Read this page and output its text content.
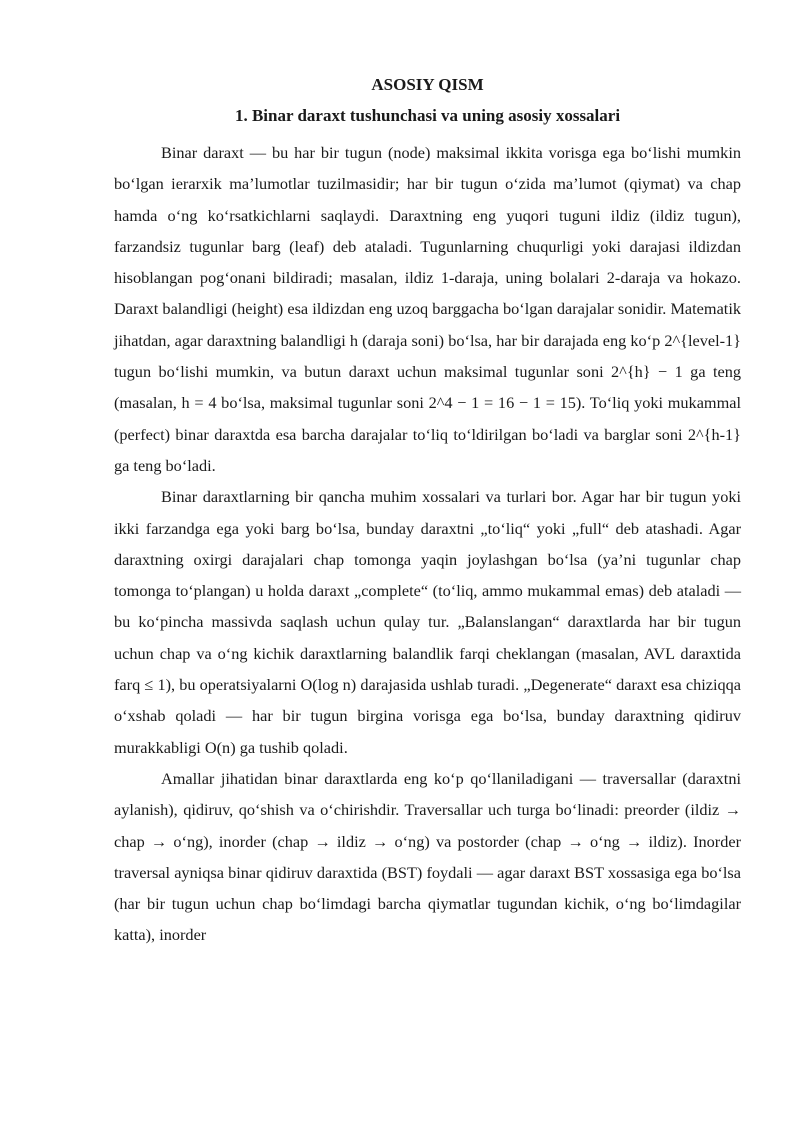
ASOSIY QISM

1. Binar daraxt tushunchasi va uning asosiy xossalari

Binar daraxt — bu har bir tugun (node) maksimal ikkita vorisga ega bo‘lishi mumkin bo‘lgan ierarxik ma’lumotlar tuzilmasidir; har bir tugun o‘zida ma’lumot (qiymat) va chap hamda o‘ng ko‘rsatkichlarni saqlaydi. Daraxtning eng yuqori tuguni ildiz (ildiz tugun), farzandsiz tugunlar barg (leaf) deb ataladi. Tugunlarning chuqurligi yoki darajasi ildizdan hisoblangan pog‘onani bildiradi; masalan, ildiz 1-daraja, uning bolalari 2-daraja va hokazo. Daraxt balandligi (height) esa ildizdan eng uzoq barggacha bo‘lgan darajalar sonidir. Matematik jihatdan, agar daraxtning balandligi h (daraja soni) bo‘lsa, har bir darajada eng ko‘p 2^{level-1} tugun bo‘lishi mumkin, va butun daraxt uchun maksimal tugunlar soni 2^{h} − 1 ga teng (masalan, h = 4 bo‘lsa, maksimal tugunlar soni 2^4 − 1 = 16 − 1 = 15). To‘liq yoki mukammal (perfect) binar daraxtda esa barcha darajalar to‘liq to‘ldirilgan bo‘ladi va barglar soni 2^{h-1} ga teng bo‘ladi.

Binar daraxtlarning bir qancha muhim xossalari va turlari bor. Agar har bir tugun yoki ikki farzandga ega yoki barg bo‘lsa, bunday daraxtni „to‘liq“ yoki „full“ deb atashadi. Agar daraxtning oxirgi darajalari chap tomonga yaqin joylashgan bo‘lsa (ya’ni tugunlar chap tomonga to‘plangan) u holda daraxt „complete“ (to‘liq, ammo mukammal emas) deb ataladi — bu ko‘pincha massivda saqlash uchun qulay tur. „Balanslangan“ daraxtlarda har bir tugun uchun chap va o‘ng kichik daraxtlarning balandlik farqi cheklangan (masalan, AVL daraxtida farq ≤ 1), bu operatsiyalarni O(log n) darajasida ushlab turadi. „Degenerate“ daraxt esa chiziqqa o‘xshab qoladi — har bir tugun birgina vorisga ega bo‘lsa, bunday daraxtning qidiruv murakkabligi O(n) ga tushib qoladi.

Amallar jihatidan binar daraxtlarda eng ko‘p qo‘llaniladigani — traversallar (daraxtni aylanish), qidiruv, qo‘shish va o‘chirishdir. Traversallar uch turga bo‘linadi: preorder (ildiz → chap → o‘ng), inorder (chap → ildiz → o‘ng) va postorder (chap → o‘ng → ildiz). Inorder traversal ayniqsa binar qidiruv daraxtida (BST) foydali — agar daraxt BST xossasiga ega bo‘lsa (har bir tugun uchun chap bo‘limdagi barcha qiymatlar tugundan kichik, o‘ng bo‘limdagilar katta), inorder
